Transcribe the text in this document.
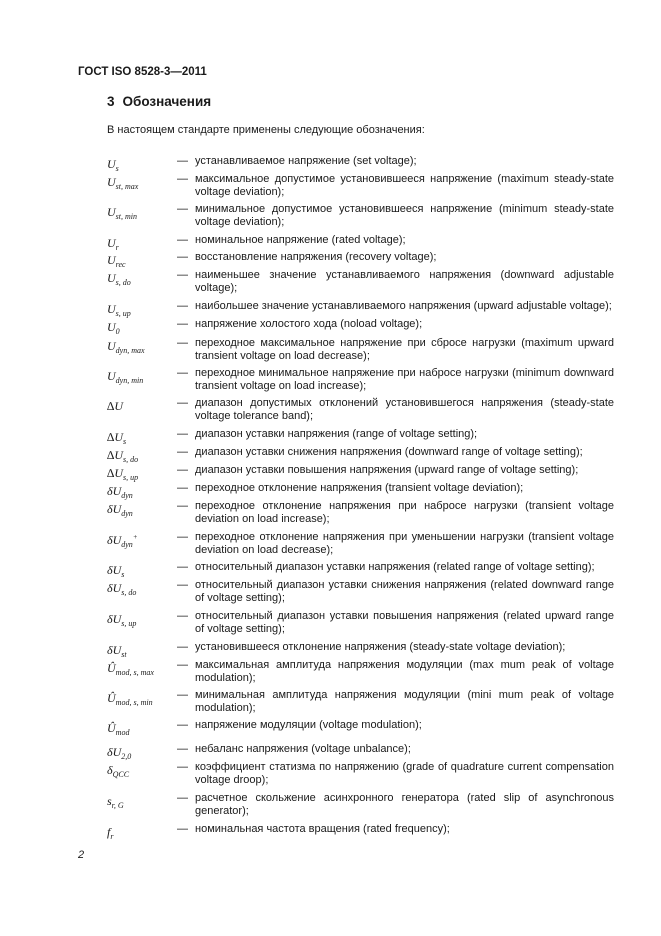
ГОСТ ISO 8528-3—2011
3 Обозначения
В настоящем стандарте применены следующие обозначения:
$U_s$
— устанавливаемое напряжение (set voltage);
$U_{st, max}$
— максимальное допустимое установившееся напряжение (maximum steady-state voltage deviation);
$U_{st, min}$
— минимальное допустимое установившееся напряжение (minimum steady-state voltage deviation);
$U_r$
— номинальное напряжение (rated voltage);
$U_{rec}$
— восстановление напряжения (recovery voltage);
$U_{s, do}$
— наименьшее значение устанавливаемого напряжения (downward adjustable voltage);
$U_{s, up}$
— наибольшее значение устанавливаемого напряжения (upward adjustable voltage);
$U_0$
— напряжение холостого хода (noload voltage);
$U_{dyn, max}$
— переходное максимальное напряжение при сбросе нагрузки (maximum upward transient voltage on load decrease);
$U_{dyn, min}$
— переходное минимальное напряжение при набросе нагрузки (minimum downward transient voltage on load increase);
∆U	— диапазон допустимых отклонений установившегося напряжения (steady-state voltage tolerance band);
$\Delta U_s$
— диапазон уставки напряжения (range of voltage setting);
$\Delta U_{s, do}$
— диапазон уставки снижения напряжения (downward range of voltage setting);
$\Delta U_{s, up}$
— диапазон уставки повышения напряжения (upward range of voltage setting);
$\delta U_{dyn}$
— переходное отклонение напряжения (transient voltage deviation);
$\delta U_{dyn}$
— переходное отклонение напряжения при набросе нагрузки (transient voltage deviation on load increase);
$\delta U_{dyn}^+$	— переходное отклонение напряжения при уменьшении нагрузки (transient voltage deviation on load decrease);
$\delta U_s$
— относительный диапазон уставки напряжения (related range of voltage setting);
$\delta U_{s, do}$
— относительный диапазон уставки снижения напряжения (related downward range of voltage setting);
$\delta U_{s, up}$
— относительный диапазон уставки повышения напряжения (related upward range of voltage setting);
$\delta U_{st}$
— установившееся отклонение напряжения (steady-state voltage deviation);
$Û_{mod, s, max}$
— максимальная амплитуда напряжения модуляции (max mum peak of voltage modulation);
$Û_{mod, s, min}$
— минимальная амплитуда напряжения модуляции (mini mum peak of voltage modulation);
$Û_{mod}$
— напряжение модуляции (voltage modulation);
$\delta U_{2,0}$
— небаланс напряжения (voltage unbalance);
$\delta_{QCC}$
— коэффициент статизма по напряжению (grade of quadrature current compensation voltage droop);
$s_{r, G}$
— расчетное скольжение асинхронного генератора (rated slip of asynchronous generator);
$f_r$
— номинальная частота вращения (rated frequency);
2
